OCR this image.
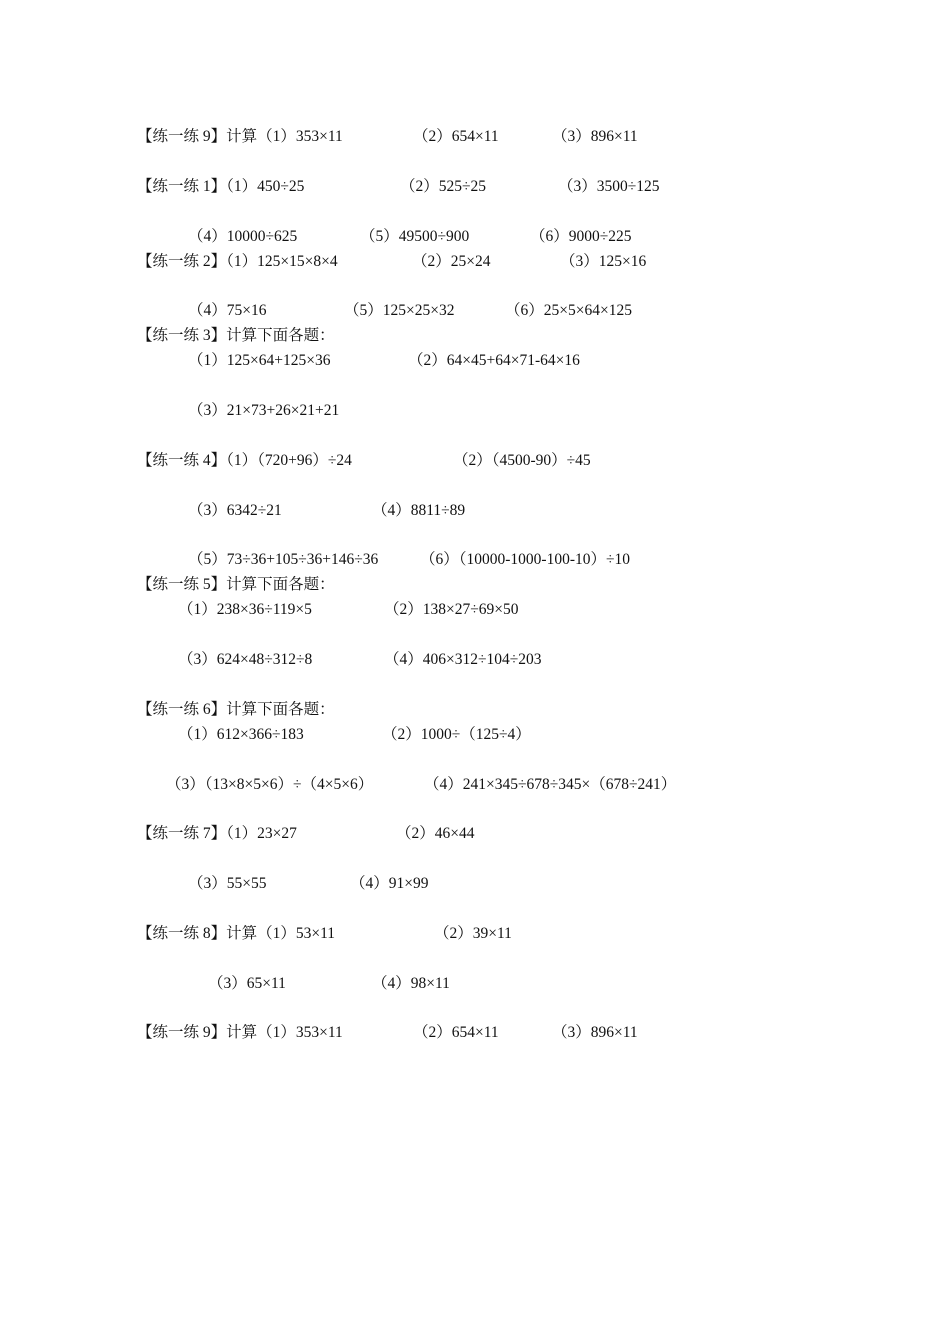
【练一练 9】计算（1）353×11	（2）654×11	（3）896×11
【练一练 1】（1）450÷25	（2）525÷25	（3）3500÷125
（4）10000÷625	（5）49500÷900	（6）9000÷225
【练一练 2】（1）125×15×8×4	（2）25×24	（3）125×16
（4）75×16	（5）125×25×32	（6）25×5×64×125
【练一练 3】计算下面各题：
（1）125×64+125×36	（2）64×45+64×71-64×16
（3）21×73+26×21+21
【练一练 4】（1）（720+96）÷24	（2）（4500-90）÷45
（3）6342÷21	（4）8811÷89
（5）73÷36+105÷36+146÷36	（6）（10000-1000-100-10）÷10
【练一练 5】计算下面各题：
（1）238×36÷119×5	（2）138×27÷69×50
（3）624×48÷312÷8	（4）406×312÷104÷203
【练一练 6】计算下面各题：
（1）612×366÷183	（2）1000÷（125÷4）
（3）（13×8×5×6）÷（4×5×6）	（4）241×345÷678÷345×（678÷241）
【练一练 7】（1）23×27	（2）46×44
（3）55×55	（4）91×99
【练一练 8】计算（1）53×11	（2）39×11
（3）65×11	（4）98×11
【练一练 9】计算（1）353×11	（2）654×11	（3）896×11
